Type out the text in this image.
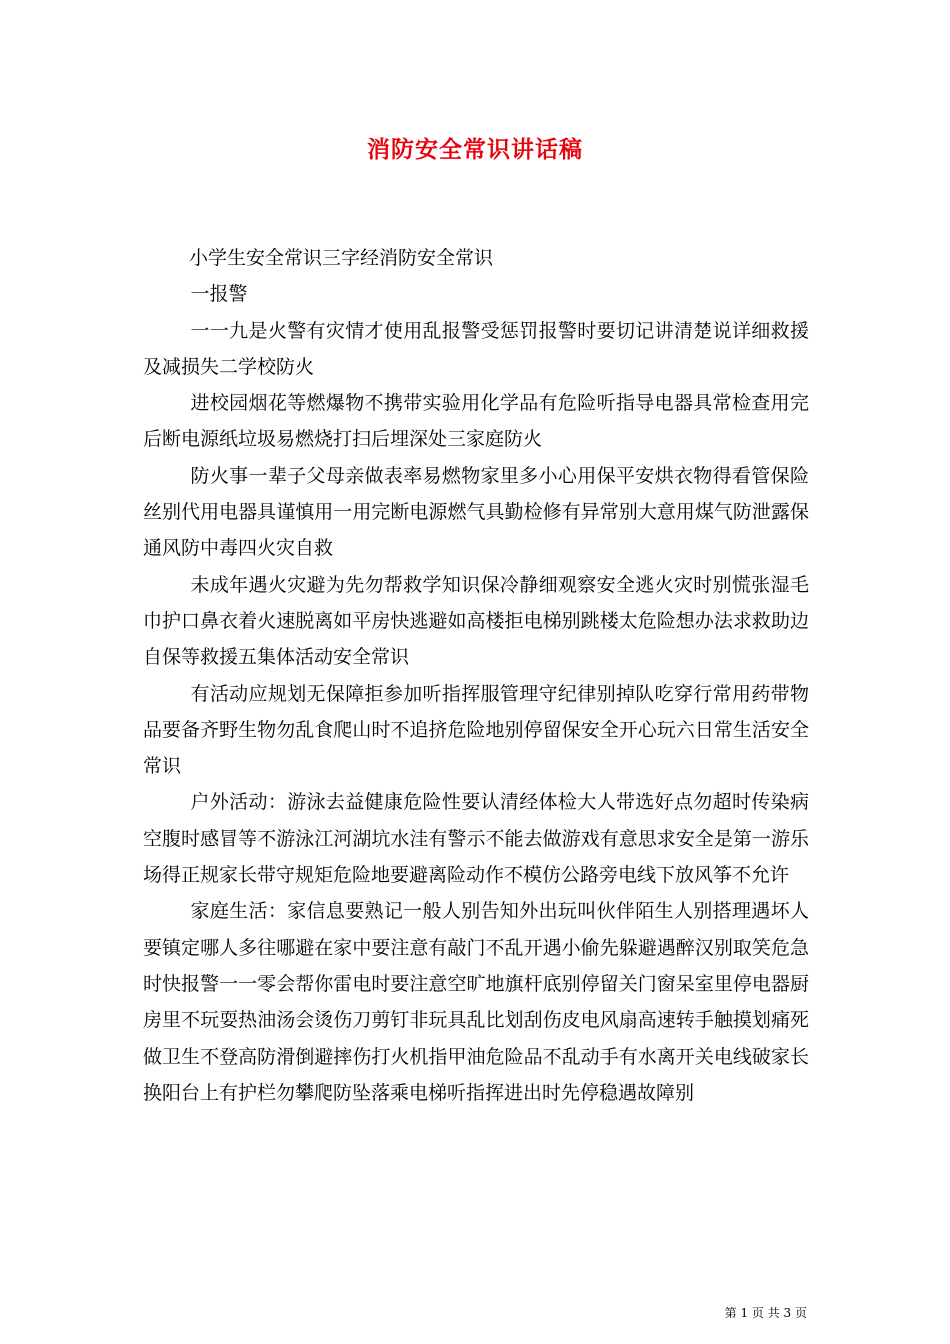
消防安全常识讲话稿

小学生安全常识三字经消防安全常识

一报警

一一九是火警有灾情才使用乱报警受惩罚报警时要切记讲清楚说详细救援及减损失二学校防火

进校园烟花等燃爆物不携带实验用化学品有危险听指导电器具常检查用完后断电源纸垃圾易燃烧打扫后埋深处三家庭防火

防火事一辈子父母亲做表率易燃物家里多小心用保平安烘衣物得看管保险丝别代用电器具谨慎用一用完断电源燃气具勤检修有异常别大意用煤气防泄露保通风防中毒四火灾自救

未成年遇火灾避为先勿帮救学知识保冷静细观察安全逃火灾时别慌张湿毛巾护口鼻衣着火速脱离如平房快逃避如高楼拒电梯别跳楼太危险想办法求救助边自保等救援五集体活动安全常识

有活动应规划无保障拒参加听指挥服管理守纪律别掉队吃穿行常用药带物品要备齐野生物勿乱食爬山时不追挤危险地别停留保安全开心玩六日常生活安全常识

户外活动：游泳去益健康危险性要认清经体检大人带选好点勿超时传染病空腹时感冒等不游泳江河湖坑水洼有警示不能去做游戏有意思求安全是第一游乐场得正规家长带守规矩危险地要避离险动作不模仿公路旁电线下放风筝不允许

家庭生活：家信息要熟记一般人别告知外出玩叫伙伴陌生人别搭理遇坏人要镇定哪人多往哪避在家中要注意有敲门不乱开遇小偷先躲避遇醉汉别取笑危急时快报警一一零会帮你雷电时要注意空旷地旗杆底别停留关门窗呆室里停电器厨房里不玩耍热油汤会烫伤刀剪钉非玩具乱比划刮伤皮电风扇高速转手触摸划痛死做卫生不登高防滑倒避摔伤打火机指甲油危险品不乱动手有水离开关电线破家长换阳台上有护栏勿攀爬防坠落乘电梯听指挥进出时先停稳遇故障别

第 1 页 共 3 页
